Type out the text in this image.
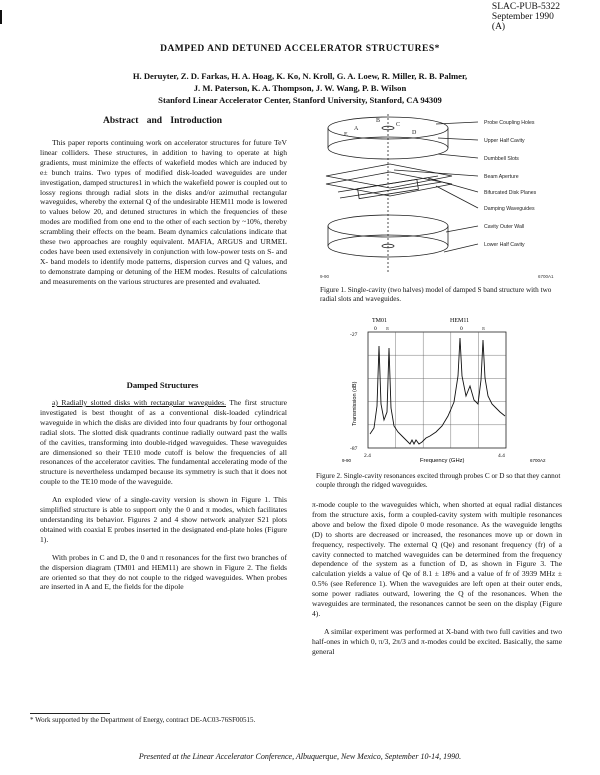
SLAC-PUB-5322
September 1990
(A)
DAMPED AND DETUNED ACCELERATOR STRUCTURES*
H. Deruyter, Z. D. Farkas, H. A. Hoag, K. Ko, N. Kroll, G. A. Loew, R. Miller, R. B. Palmer,
J. M. Paterson, K. A. Thompson, J. W. Wang, P. B. Wilson
Stanford Linear Accelerator Center, Stanford University, Stanford, CA 94309
Abstract and Introduction

This paper reports continuing work on accelerator structures for future TeV linear colliders. These structures, in addition to having to operate at high gradients, must minimize the effects of wakefield modes which are induced by e± bunch trains. Two types of modified disk-loaded waveguides are under investigation, damped structures1 in which the wakefield power is coupled out to lossy regions through radial slots in the disks and/or azimuthal rectangular waveguides, whereby the external Q of the undesirable HEM11 mode is lowered to values below 20, and detuned structures in which the frequencies of these modes are modified from one end to the other of each section by ~10%, thereby scrambling their effects on the beam. Beam dynamics calculations indicate that these two approaches are roughly equivalent. MAFIA, ARGUS and URMEL codes have been used extensively in conjunction with low-power tests on S- and X- band models to identify mode patterns, dispersion curves and Q values, and to demonstrate damping or detuning of the HEM modes. Results of calculations and measurements on the various structures are presented and evaluated.

Damped Structures

a) Radially slotted disks with rectangular waveguides. The first structure investigated is best thought of as a conventional disk-loaded cylindrical waveguide in which the disks are divided into four quadrants by four orthogonal radial slots. The slotted disk quadrants continue radially outward past the walls of the cavities, transforming into double-ridged waveguides. These waveguides are dimensioned so their TE10 mode cutoff is below the frequencies of all resonances of the accelerator cavities. The fundamental accelerating mode of the structure is nevertheless undamped because its symmetry is such that it does not couple to the TE10 mode of the waveguide.

An exploded view of a single-cavity version is shown in Figure 1. This simplified structure is able to support only the 0 and π modes, which facilitates understanding its behavior. Figures 2 and 4 show network analyzer S21 plots obtained with coaxial E probes inserted in the designated end-plate holes (Figure 1).

With probes in C and D, the 0 and π resonances for the first two branches of the dispersion diagram (TM01 and HEM11) are shown in Figure 2. The fields are oriented so that they do not couple to the ridged waveguides. When probes are inserted in A and E, the fields for the dipole

* Work supported by the Department of Energy, contract DE-AC03-76SF00515.
Probe Coupling Holes
Upper Half Cavity
Dumbbell Slots
Beam Aperture
Bifurcated Disk Planes
Damping Waveguides
Cavity Outer Wall
Lower Half Cavity
A
B
C
D
E
9-90	6700A1
Figure 1. Single-cavity (two halves) model of damped S band structure with two radial slots and waveguides.
TM01	HEM11
0 π	0	π
-27
-87
2.4	4.4
Frequency (GHz)
Transmission (dB)
9-90	6700A2
Figure 2. Single-cavity resonances excited through probes C or D so that they cannot couple through the ridged waveguides.

π-mode couple to the waveguides which, when shorted at equal radial distances from the structure axis, form a coupled-cavity system with multiple resonances above and below the fixed dipole 0 mode resonance. As the waveguide lengths (D) to shorts are decreased or increased, the resonances move up or down in frequency, respectively. The external Q (Qe) and resonant frequency (fr) of a cavity connected to matched waveguides can be determined from the frequency dependence of the system as a function of D, as shown in Figure 3. The calculation yields a value of Qe of 8.1 ± 18% and a value of fr of 3939 MHz ± 0.5% (see Reference 1). When the waveguides are left open at their outer ends, some power radiates outward, lowering the Q of the resonances. When the waveguides are terminated, the resonances cannot be seen on the display (Figure 4).

A similar experiment was performed at X-band with two full cavities and two half-ones in which 0, π/3, 2π/3 and π-modes could be excited. Basically, the same general

Presented at the Linear Accelerator Conference, Albuquerque, New Mexico, September 10-14, 1990.
